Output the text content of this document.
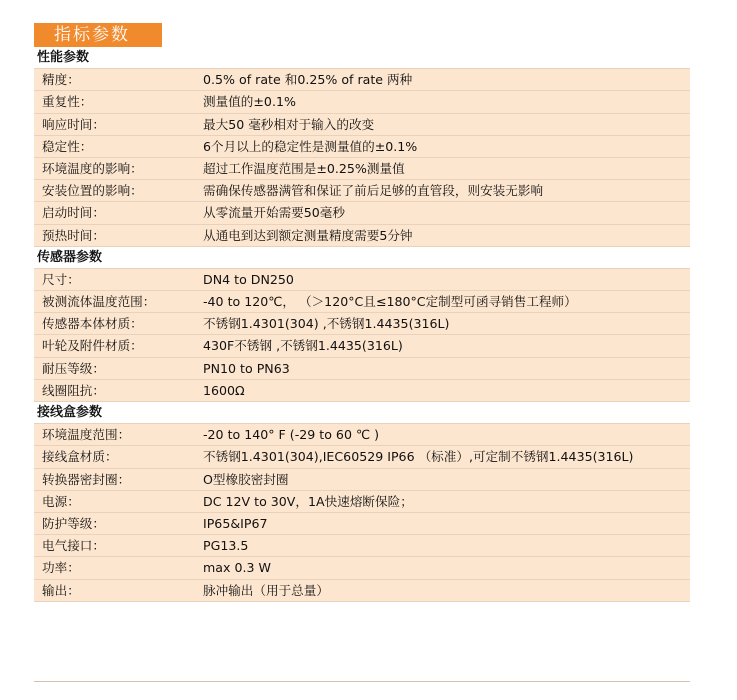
指标参数
性能参数
精度：	0.5% of rate 和0.25% of rate 两种
重复性：	测量值的±0.1%
响应时间：	最大50 毫秒相对于输入的改变
稳定性：	6个月以上的稳定性是测量值的±0.1%
环境温度的影响：	超过工作温度范围是±0.25%测量值
安装位置的影响：	需确保传感器满管和保证了前后足够的直管段，则安装无影响
启动时间：	从零流量开始需要50毫秒
预热时间：	从通电到达到额定测量精度需要5分钟
传感器参数
尺寸：	DN4 to DN250
被测流体温度范围：	-40 to 120℃， （＞120°C且≤180°C定制型可函寻销售工程师）
传感器本体材质：	不锈钢1.4301(304) ,不锈钢1.4435(316L)
叶轮及附件材质：	430F不锈钢 ,不锈钢1.4435(316L)
耐压等级：	PN10 to PN63
线圈阻抗：	1600Ω
接线盒参数
环境温度范围：	-20 to 140° F (-29 to 60 ℃ )
接线盒材质：	不锈钢1.4301(304),IEC60529 IP66 （标准）,可定制不锈钢1.4435(316L)
转换器密封圈：	O型橡胶密封圈
电源：	DC 12V to 30V，1A快速熔断保险；
防护等级：	IP65&IP67
电气接口：	PG13.5
功率：	max 0.3 W
输出：	脉冲输出（用于总量）
